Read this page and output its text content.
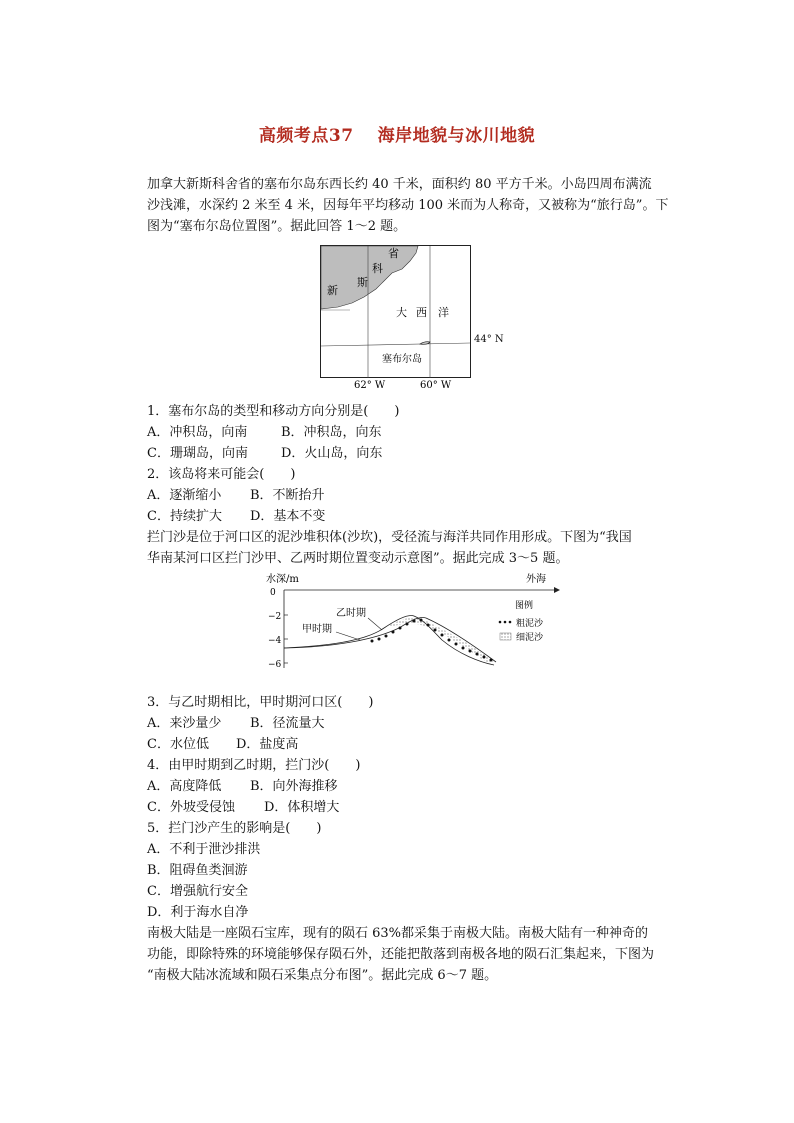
高频考点37 海岸地貌与冰川地貌
加拿大新斯科舍省的塞布尔岛东西长约 40 千米，面积约 80 平方千米。小岛四周布满流
沙浅滩，水深约 2 米至 4 米，因每年平均移动 100 米而为人称奇，又被称为“旅行岛”。下
图为“塞布尔岛位置图”。据此回答 1～2 题。
省
科
斯
新
大 西 洋
塞布尔岛
62° W	60° W
44° N
1．塞布尔岛的类型和移动方向分别是(　　)
A．冲积岛，向南	B．冲积岛，向东
C．珊瑚岛，向南	D．火山岛，向东
2．该岛将来可能会(　　)
A．逐渐缩小 B．不断抬升
C．持续扩大 D．基本不变
拦门沙是位于河口区的泥沙堆积体(沙坎)，受径流与海洋共同作用形成。下图为“我国
华南某河口区拦门沙甲、乙两时期位置变动示意图”。据此完成 3～5 题。
水深/m	外海
0
−2
−4
−6
乙时期
甲时期
图例
粗泥沙
细泥沙
3．与乙时期相比，甲时期河口区(　　)
A．来沙量少 B．径流量大
C．水位低 D．盐度高
4．由甲时期到乙时期，拦门沙(　　)
A．高度降低 B．向外海推移
C．外坡受侵蚀 D．体积增大
5．拦门沙产生的影响是(　　)
A．不利于泄沙排洪
B．阻碍鱼类洄游
C．增强航行安全
D．利于海水自净
南极大陆是一座陨石宝库，现有的陨石 63%都采集于南极大陆。南极大陆有一种神奇的
功能，即除特殊的环境能够保存陨石外，还能把散落到南极各地的陨石汇集起来，下图为
“南极大陆冰流域和陨石采集点分布图”。据此完成 6～7 题。
